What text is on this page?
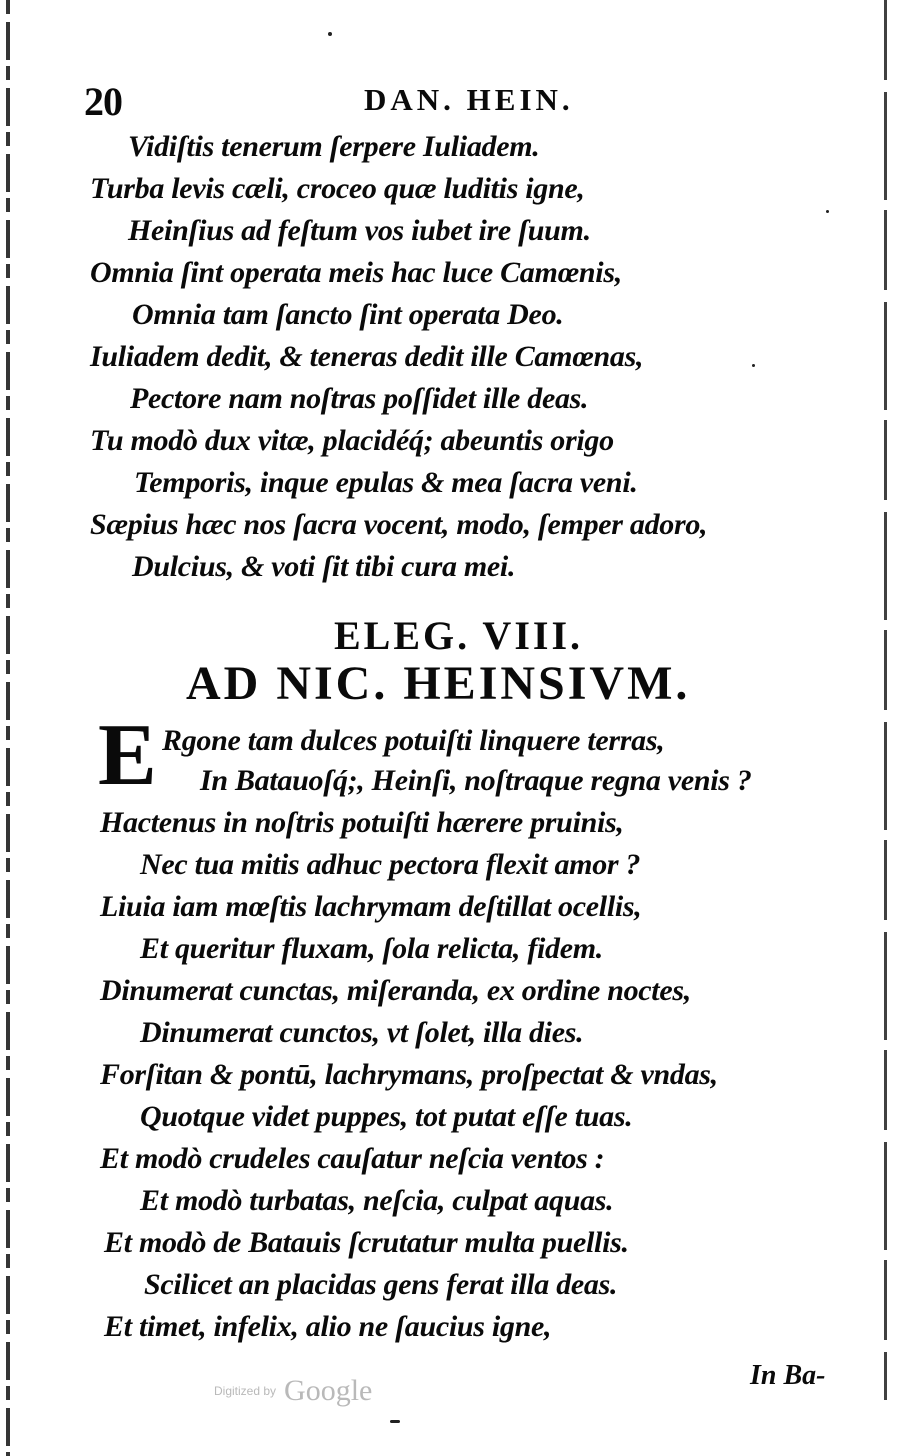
20	DAN. HEIN.

Vidiſtis tenerum ſerpere Iuliadem.

Turba levis cæli, croceo quæ luditis igne,

Heinſius ad feſtum vos iubet ire ſuum.

Omnia ſint operata meis hac luce Camœnis,

Omnia tam ſancto ſint operata Deo.

Iuliadem dedit, & teneras dedit ille Camœnas,

Pectore nam noſtras poſſidet ille deas.

Tu modò dux vitæ, placidéq́; abeuntis origo

Temporis, inque epulas & mea ſacra veni.

Sæpius hæc nos ſacra vocent, modo, ſemper adoro,

Dulcius, & voti ſit tibi cura mei.

ELEG. VIII.
AD NIC. HEINSIVM.
E Rgone tam dulces potuiſti linquere terras,

In Batauoſq́;, Heinſi, noſtraque regna venis ?

Hactenus in noſtris potuiſti hærere pruinis,

Nec tua mitis adhuc pectora flexit amor ?

Liuia iam mœſtis lachrymam deſtillat ocellis,

Et queritur fluxam, ſola relicta, fidem.

Dinumerat cunctas, miſeranda, ex ordine noctes,

Dinumerat cunctos, vt ſolet, illa dies.

Forſitan & pontū, lachrymans, proſpectat & vndas,

Quotque videt puppes, tot putat eſſe tuas.

Et modò crudeles cauſatur neſcia ventos :

Et modò turbatas, neſcia, culpat aquas.

Et modò de Batauis ſcrutatur multa puellis.

Scilicet an placidas gens ferat illa deas.

Et timet, infelix, alio ne ſaucius igne,

In Ba-
Digitized by Google
